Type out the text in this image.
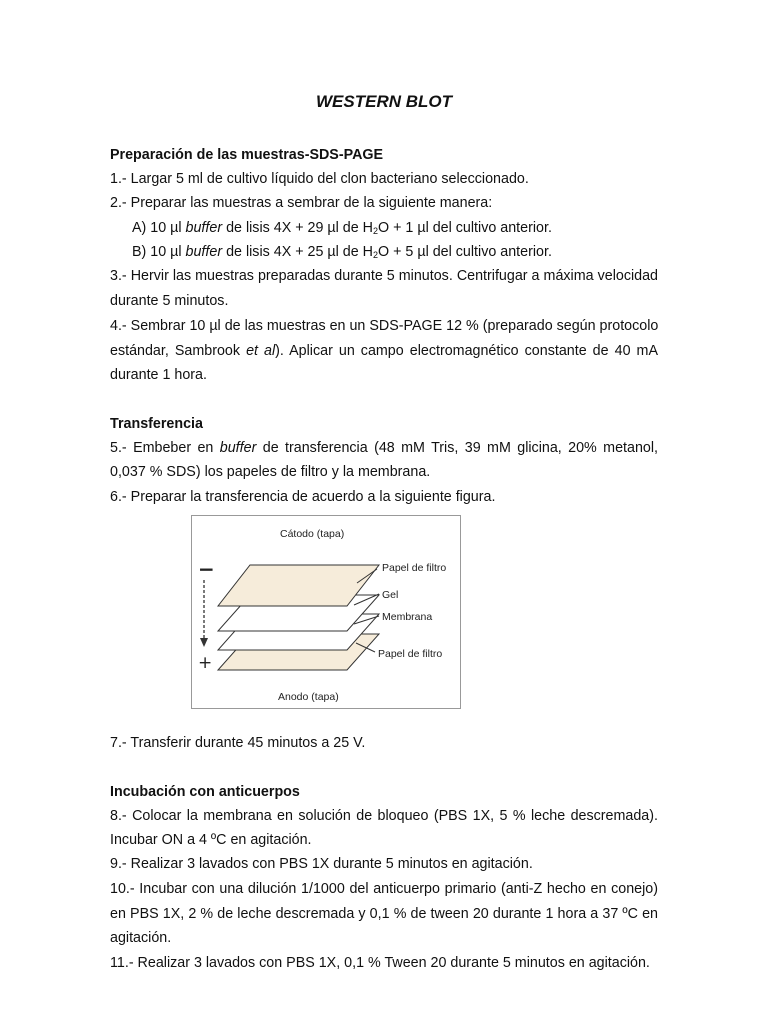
WESTERN BLOT

Preparación de las muestras-SDS-PAGE

1.- Largar 5 ml de cultivo líquido del clon bacteriano seleccionado.

2.- Preparar las muestras a sembrar de la siguiente manera:

A) 10 µl buffer de lisis 4X + 29 µl de $H_2O + 1$ µl del cultivo anterior.

B) 10 µl buffer de lisis 4X + 25 µl de $H_2O + 5$ µl del cultivo anterior.

3.- Hervir las muestras preparadas durante 5 minutos. Centrifugar a máxima velocidad

durante 5 minutos.

4.- Sembrar 10 µl de las muestras en un SDS-PAGE 12 % (preparado según protocolo

estándar, Sambrook et al). Aplicar un campo electromagnético constante de 40 mA

durante 1 hora.

Transferencia

5.- Embeber en buffer de transferencia (48 mM Tris, 39 mM glicina, 20% metanol,

0,037 % SDS) los papeles de filtro y la membrana.

6.- Preparar la transferencia de acuerdo a la siguiente figura.

Cátodo (tapa)
−
+
Papel de filtro
Gel
Membrana
Papel de filtro
Anodo (tapa)

7.- Transferir durante 45 minutos a 25 V.

Incubación con anticuerpos

8.- Colocar la membrana en solución de bloqueo (PBS 1X, 5 % leche descremada).

Incubar ON a 4 ºC en agitación.

9.- Realizar 3 lavados con PBS 1X durante 5 minutos en agitación.

10.- Incubar con una dilución 1/1000 del anticuerpo primario (anti-Z hecho en conejo)

en PBS 1X, 2 % de leche descremada y 0,1 % de tween 20 durante 1 hora a 37 ºC en

agitación.

11.- Realizar 3 lavados con PBS 1X, 0,1 % Tween 20 durante 5 minutos en agitación.
